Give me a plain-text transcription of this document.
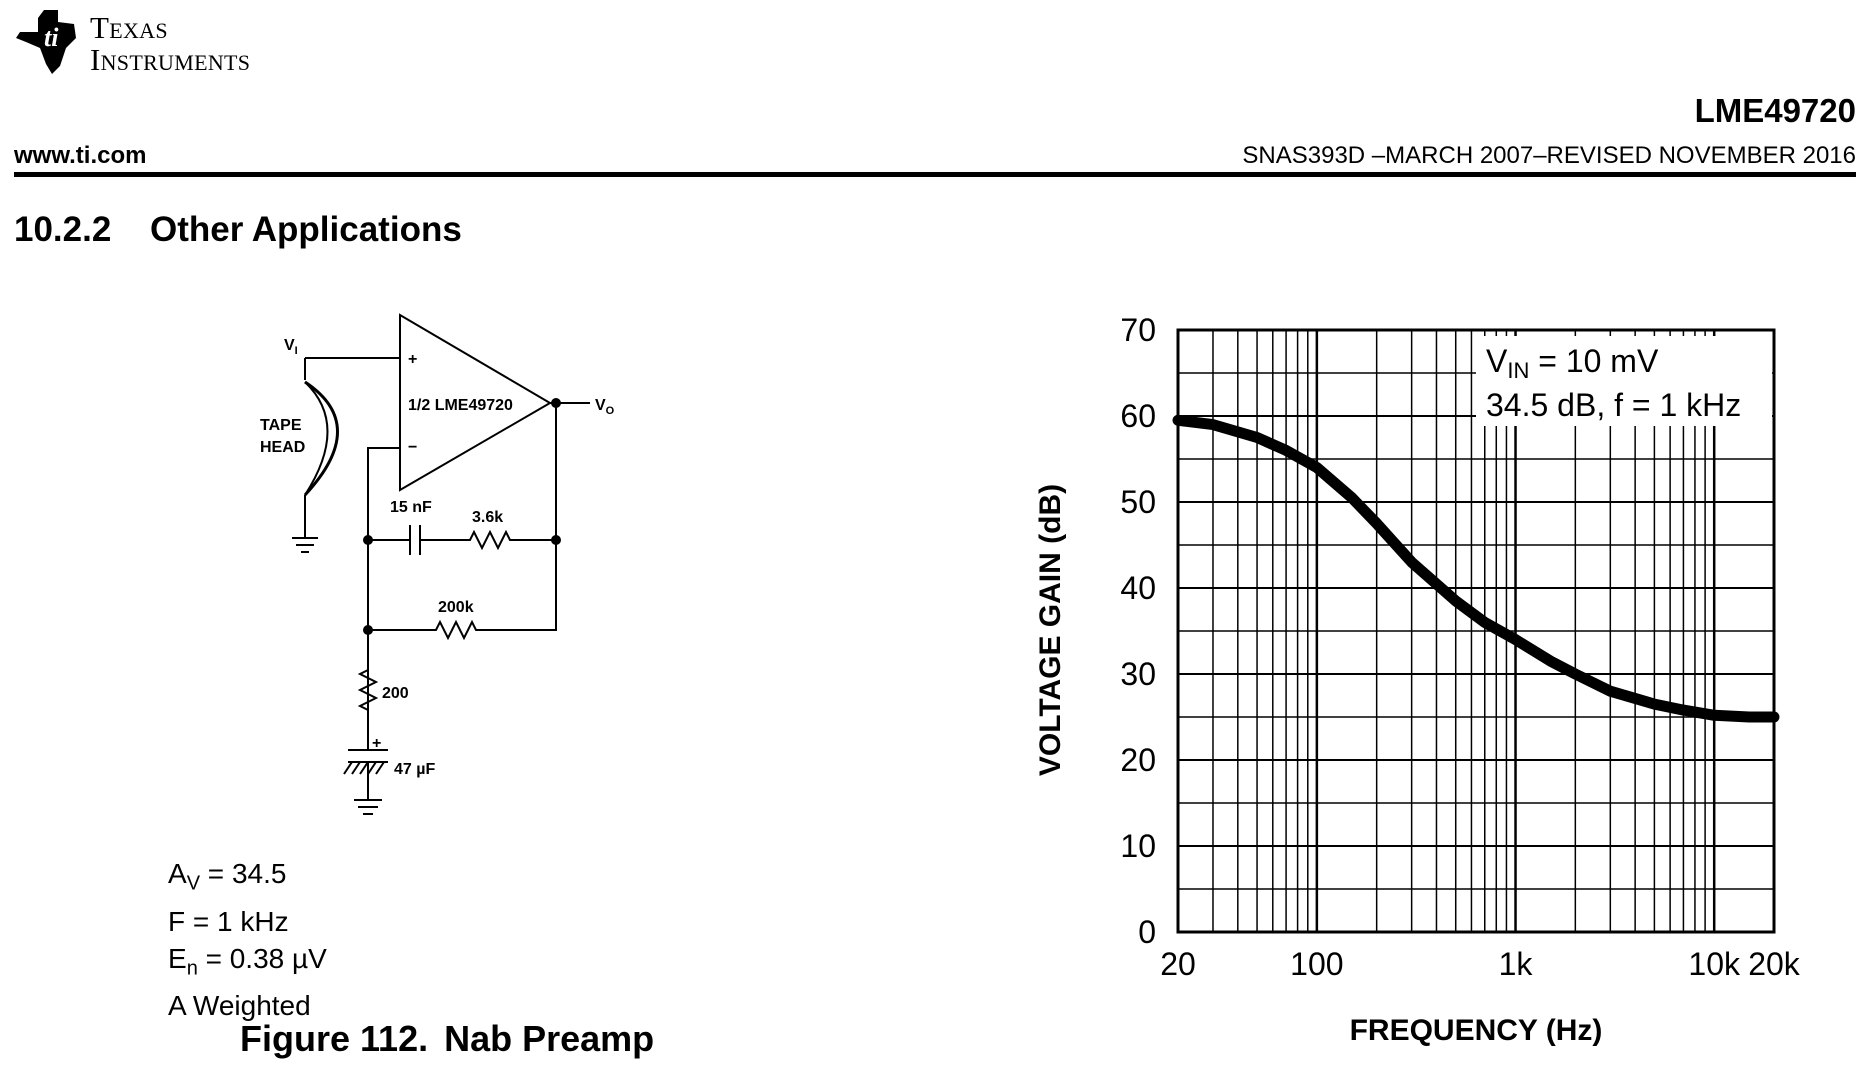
ti Texas
Instruments
LME49720
www.ti.com	SNAS393D –MARCH 2007–REVISED NOVEMBER 2016
10.2.2 Other Applications
$V_I$
$V_O$
TAPE
HEAD
+
−
1/2 LME49720
15 nF
3.6k
200k
200
+
47 µF
$A_V = 34.5$
F = 1 kHz
$E_n = 0.38$ µV
A Weighted
Figure 112. Nab Preamp
VIN = 10 mV
34.5 dB, f = 1 kHz
0
10
20
30
40
50
60
70
20	100	1k	10k 20k
VOLTAGE GAIN (dB)
FREQUENCY (Hz)
